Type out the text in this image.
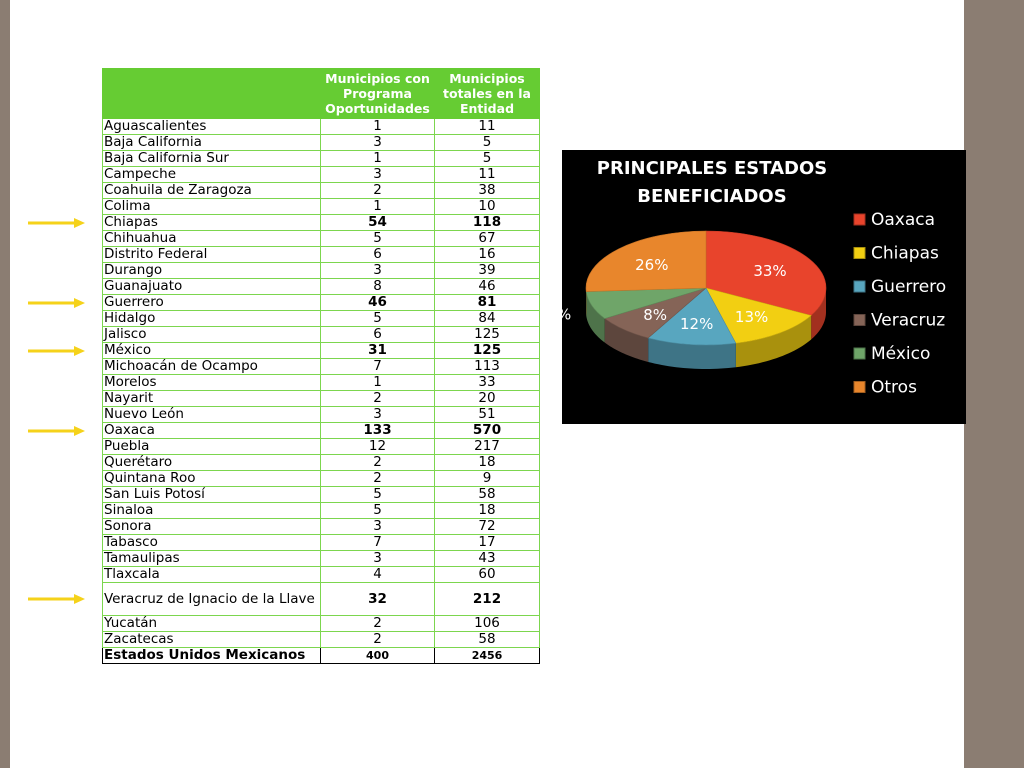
	Municipios con Programa Oportunidades	Municipios totales en la Entidad
Aguascalientes	1	11
Baja California	3	5
Baja California Sur	1	5
Campeche	3	11
Coahuila de Zaragoza	2	38
Colima	1	10
Chiapas	54	118
Chihuahua	5	67
Distrito Federal	6	16
Durango	3	39
Guanajuato	8	46
Guerrero	46	81
Hidalgo	5	84
Jalisco	6	125
México	31	125
Michoacán de Ocampo	7	113
Morelos	1	33
Nayarit	2	20
Nuevo León	3	51
Oaxaca	133	570
Puebla	12	217
Querétaro	2	18
Quintana Roo	2	9
San Luis Potosí	5	58
Sinaloa	5	18
Sonora	3	72
Tabasco	7	17
Tamaulipas	3	43
Tlaxcala	4	60
Veracruz de Ignacio de la Llave	32	212
Yucatán	2	106
Zacatecas	2	58
Estados Unidos Mexicanos	400	2456
PRINCIPALES ESTADOS
BENEFICIADOS
33%
13%
12%
8%
8%
26%
Oaxaca
Chiapas
Guerrero
Veracruz
México
Otros
